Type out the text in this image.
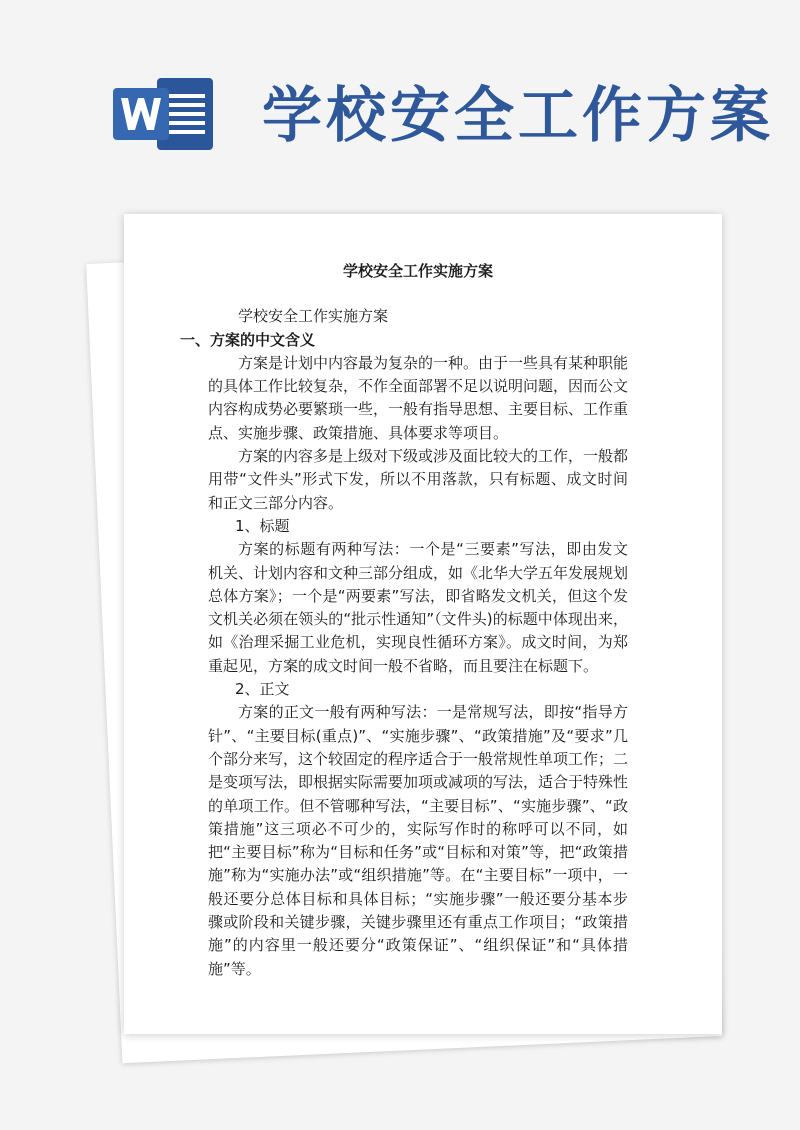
学校安全工作方案
学校安全工作实施方案

学校安全工作实施方案

一、方案的中文含义

方案是计划中内容最为复杂的一种。由于一些具有某种职能的具体工作比较复杂，不作全面部署不足以说明问题，因而公文内容构成势必要繁琐一些，一般有指导思想、主要目标、工作重点、实施步骤、政策措施、具体要求等项目。

方案的内容多是上级对下级或涉及面比较大的工作，一般都用带“文件头”形式下发，所以不用落款，只有标题、成文时间和正文三部分内容。

1、标题

方案的标题有两种写法：一个是“三要素”写法，即由发文机关、计划内容和文种三部分组成，如《北华大学五年发展规划总体方案》；一个是“两要素”写法，即省略发文机关，但这个发文机关必须在领头的“批示性通知”（文件头)的标题中体现出来，如《治理采掘工业危机，实现良性循环方案》。成文时间，为郑重起见，方案的成文时间一般不省略，而且要注在标题下。

2、正文

方案的正文一般有两种写法：一是常规写法，即按“指导方针”、“主要目标(重点)”、“实施步骤”、“政策措施”及“要求”几个部分来写，这个较固定的程序适合于一般常规性单项工作；二是变项写法，即根据实际需要加项或减项的写法，适合于特殊性的单项工作。但不管哪种写法，“主要目标”、“实施步骤”、“政策措施”这三项必不可少的，实际写作时的称呼可以不同，如把“主要目标”称为“目标和任务”或“目标和对策”等，把“政策措施”称为“实施办法”或“组织措施”等。在“主要目标”一项中，一般还要分总体目标和具体目标；“实施步骤”一般还要分基本步骤或阶段和关键步骤，关键步骤里还有重点工作项目；“政策措施”的内容里一般还要分“政策保证”、“组织保证”和“具体措施”等。
